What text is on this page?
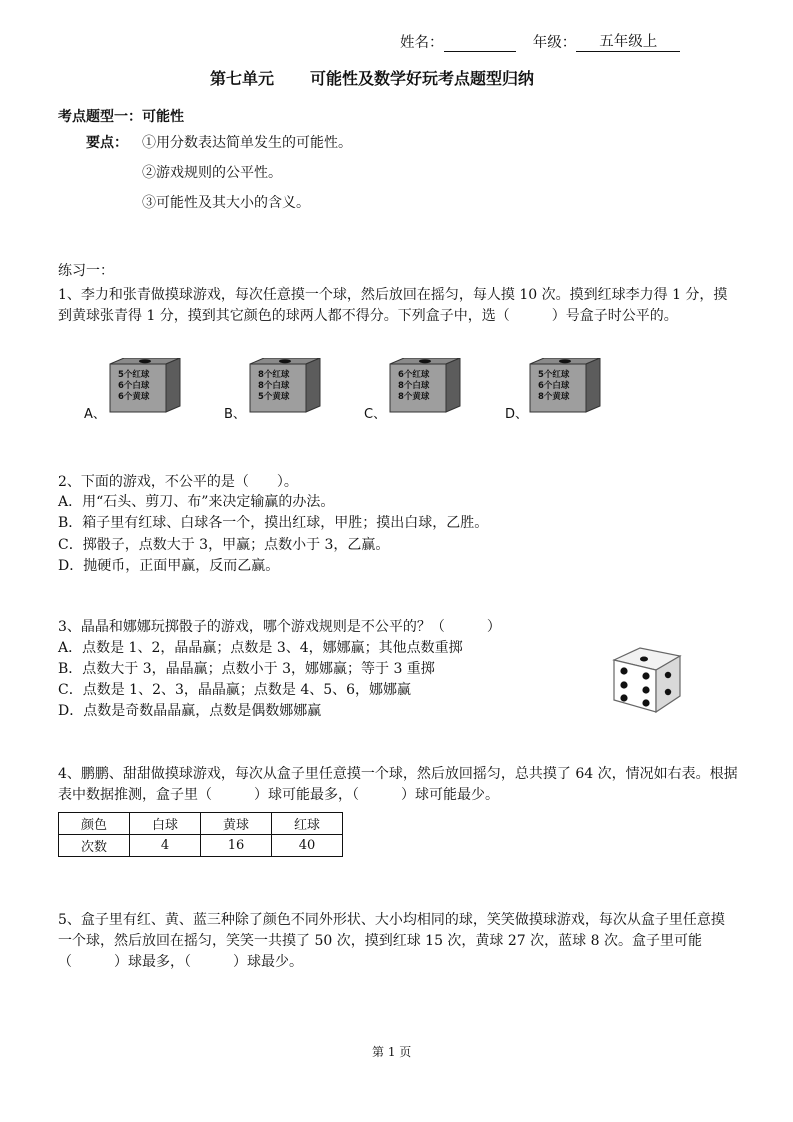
姓名：	年级： 五年级上
第七单元 可能性及数学好玩考点题型归纳
考点题型一：可能性
要点： ①用分数表达简单发生的可能性。
②游戏规则的公平性。
③可能性及其大小的含义。
练习一：
1、李力和张青做摸球游戏，每次任意摸一个球，然后放回在摇匀，每人摸 10 次。摸到红球李力得 1 分，摸到黄球张青得 1 分，摸到其它颜色的球两人都不得分。下列盒子中，选（　　　）号盒子时公平的。
A、
5个红球
6个白球
6个黄球
B、
8个红球
8个白球
5个黄球
C、
6个红球
8个白球
8个黄球
D、
5个红球
6个白球
8个黄球
2、下面的游戏，不公平的是（　　）。
A．用“石头、剪刀、布”来决定输赢的办法。
B．箱子里有红球、白球各一个，摸出红球，甲胜；摸出白球，乙胜。
C．掷骰子，点数大于 3，甲赢；点数小于 3，乙赢。
D．抛硬币，正面甲赢，反而乙赢。
3、晶晶和娜娜玩掷骰子的游戏，哪个游戏规则是不公平的？（　　　）
A．点数是 1、2，晶晶赢；点数是 3、4，娜娜赢；其他点数重掷
B．点数大于 3，晶晶赢；点数小于 3，娜娜赢；等于 3 重掷
C．点数是 1、2、3，晶晶赢；点数是 4、5、6，娜娜赢
D．点数是奇数晶晶赢，点数是偶数娜娜赢
4、鹏鹏、甜甜做摸球游戏，每次从盒子里任意摸一个球，然后放回摇匀，总共摸了 64 次，情况如右表。根据表中数据推测，盒子里（　　　）球可能最多，（　　　）球可能最少。
颜色	白球	黄球	红球
次数	4	16	40
5、盒子里有红、黄、蓝三种除了颜色不同外形状、大小均相同的球，笑笑做摸球游戏，每次从盒子里任意摸一个球，然后放回在摇匀，笑笑一共摸了 50 次，摸到红球 15 次，黄球 27 次，蓝球 8 次。盒子里可能（　　　）球最多，（　　　）球最少。
第 1 页
